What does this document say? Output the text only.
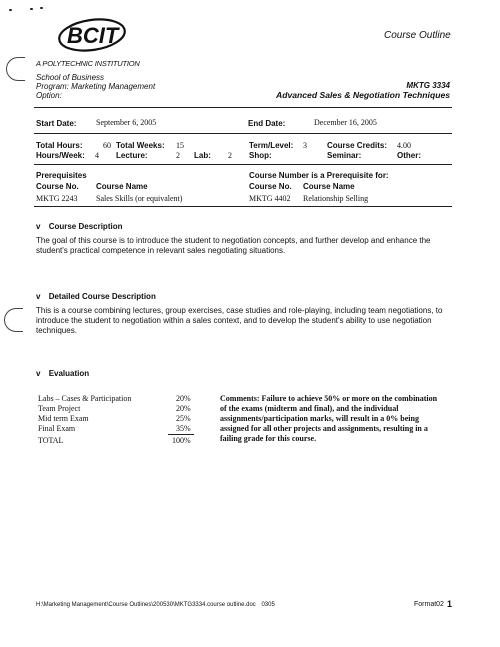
BCIT
A POLYTECHNIC INSTITUTION
Course Outline
School of Business
Program: Marketing Management
Option:
MKTG 3334
Advanced Sales & Negotiation Techniques
Start Date: September 6, 2005	End Date:	December 16, 2005
Total Hours:	60 Total Weeks: 15	Term/Level: 3	Course Credits: 4.00
Hours/Week: 4 Lecture:	2 Lab: 2 Shop:	Seminar:	Other:
Prerequisites
Course No. Course Name
MKTG 2243 Sales Skills (or equivalent)
Course Number is a Prerequisite for:
Course No. Course Name
MKTG 4402 Relationship Selling
v Course Description
The goal of this course is to introduce the student to negotiation concepts, and further develop and enhance the student's practical competence in relevant sales negotiating situations.
v Detailed Course Description
This is a course combining lectures, group exercises, case studies and role-playing, including team negotiations, to introduce the student to negotiation within a sales context, and to develop the student's ability to use negotiation techniques.
v Evaluation
Labs – Cases & Participation	20%
Team Project	20%
Mid term Exam	25%
Final Exam	35%
TOTAL	100%
Comments: Failure to achieve 50% or more on the combination of the exams (midterm and final), and the individual assignments/participation marks, will result in a 0% being assigned for all other projects and assignments, resulting in a failing grade for this course.
H:\Marketing Management\Course Outlines\200530\MKTG3334.course outline.doc 0305	Format02 1
